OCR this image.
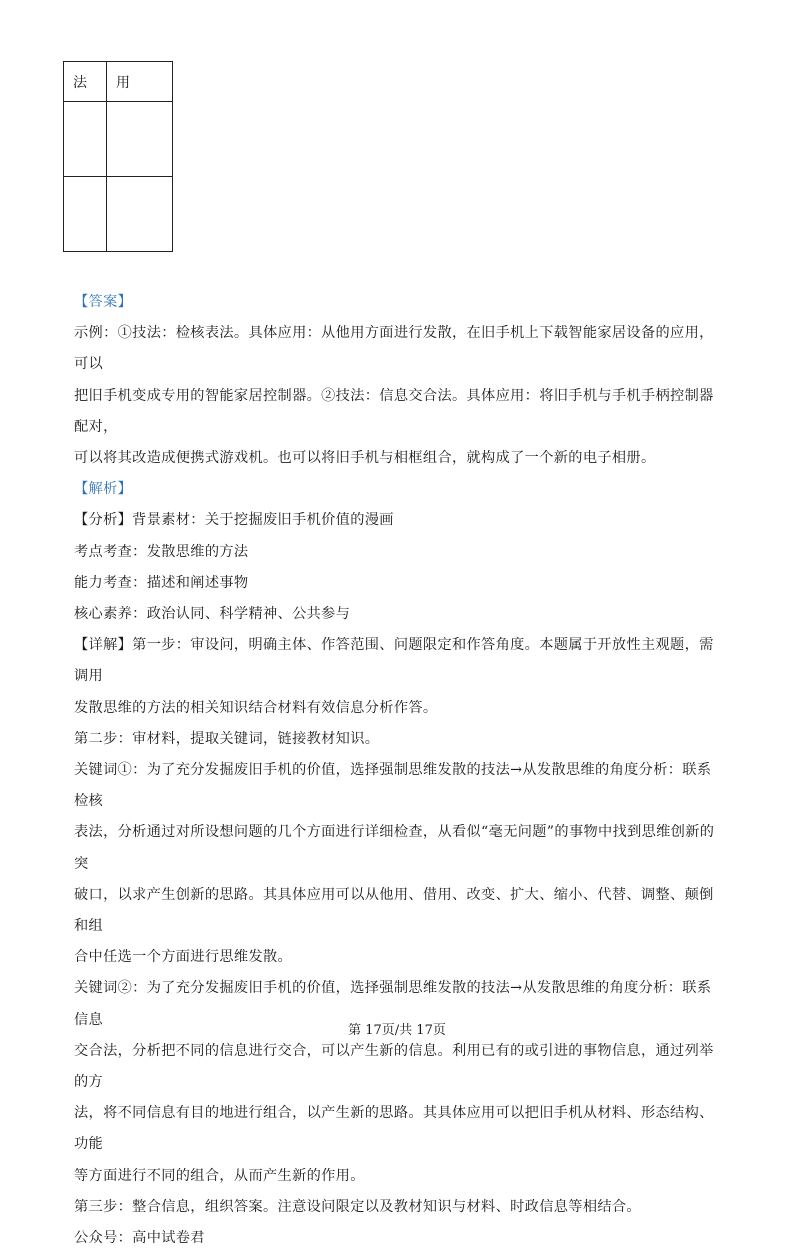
法	用

【答案】

示例：①技法：检核表法。具体应用：从他用方面进行发散，在旧手机上下载智能家居设备的应用，可以

把旧手机变成专用的智能家居控制器。②技法：信息交合法。具体应用：将旧手机与手机手柄控制器配对，

可以将其改造成便携式游戏机。也可以将旧手机与相框组合，就构成了一个新的电子相册。

【解析】

【分析】背景素材：关于挖掘废旧手机价值的漫画

考点考查：发散思维的方法

能力考查：描述和阐述事物

核心素养：政治认同、科学精神、公共参与

【详解】第一步：审设问，明确主体、作答范围、问题限定和作答角度。本题属于开放性主观题，需调用

发散思维的方法的相关知识结合材料有效信息分析作答。

第二步：审材料，提取关键词，链接教材知识。

关键词①：为了充分发掘废旧手机的价值，选择强制思维发散的技法→从发散思维的角度分析：联系检核

表法，分析通过对所设想问题的几个方面进行详细检查，从看似“毫无问题”的事物中找到思维创新的突

破口，以求产生创新的思路。其具体应用可以从他用、借用、改变、扩大、缩小、代替、调整、颠倒和组

合中任选一个方面进行思维发散。

关键词②：为了充分发掘废旧手机的价值，选择强制思维发散的技法→从发散思维的角度分析：联系信息

交合法，分析把不同的信息进行交合，可以产生新的信息。利用已有的或引进的事物信息，通过列举的方

法，将不同信息有目的地进行组合，以产生新的思路。其具体应用可以把旧手机从材料、形态结构、功能

等方面进行不同的组合，从而产生新的作用。

第三步：整合信息，组织答案。注意设问限定以及教材知识与材料、时政信息等相结合。

公众号：高中试卷君

第 17页/共 17页
